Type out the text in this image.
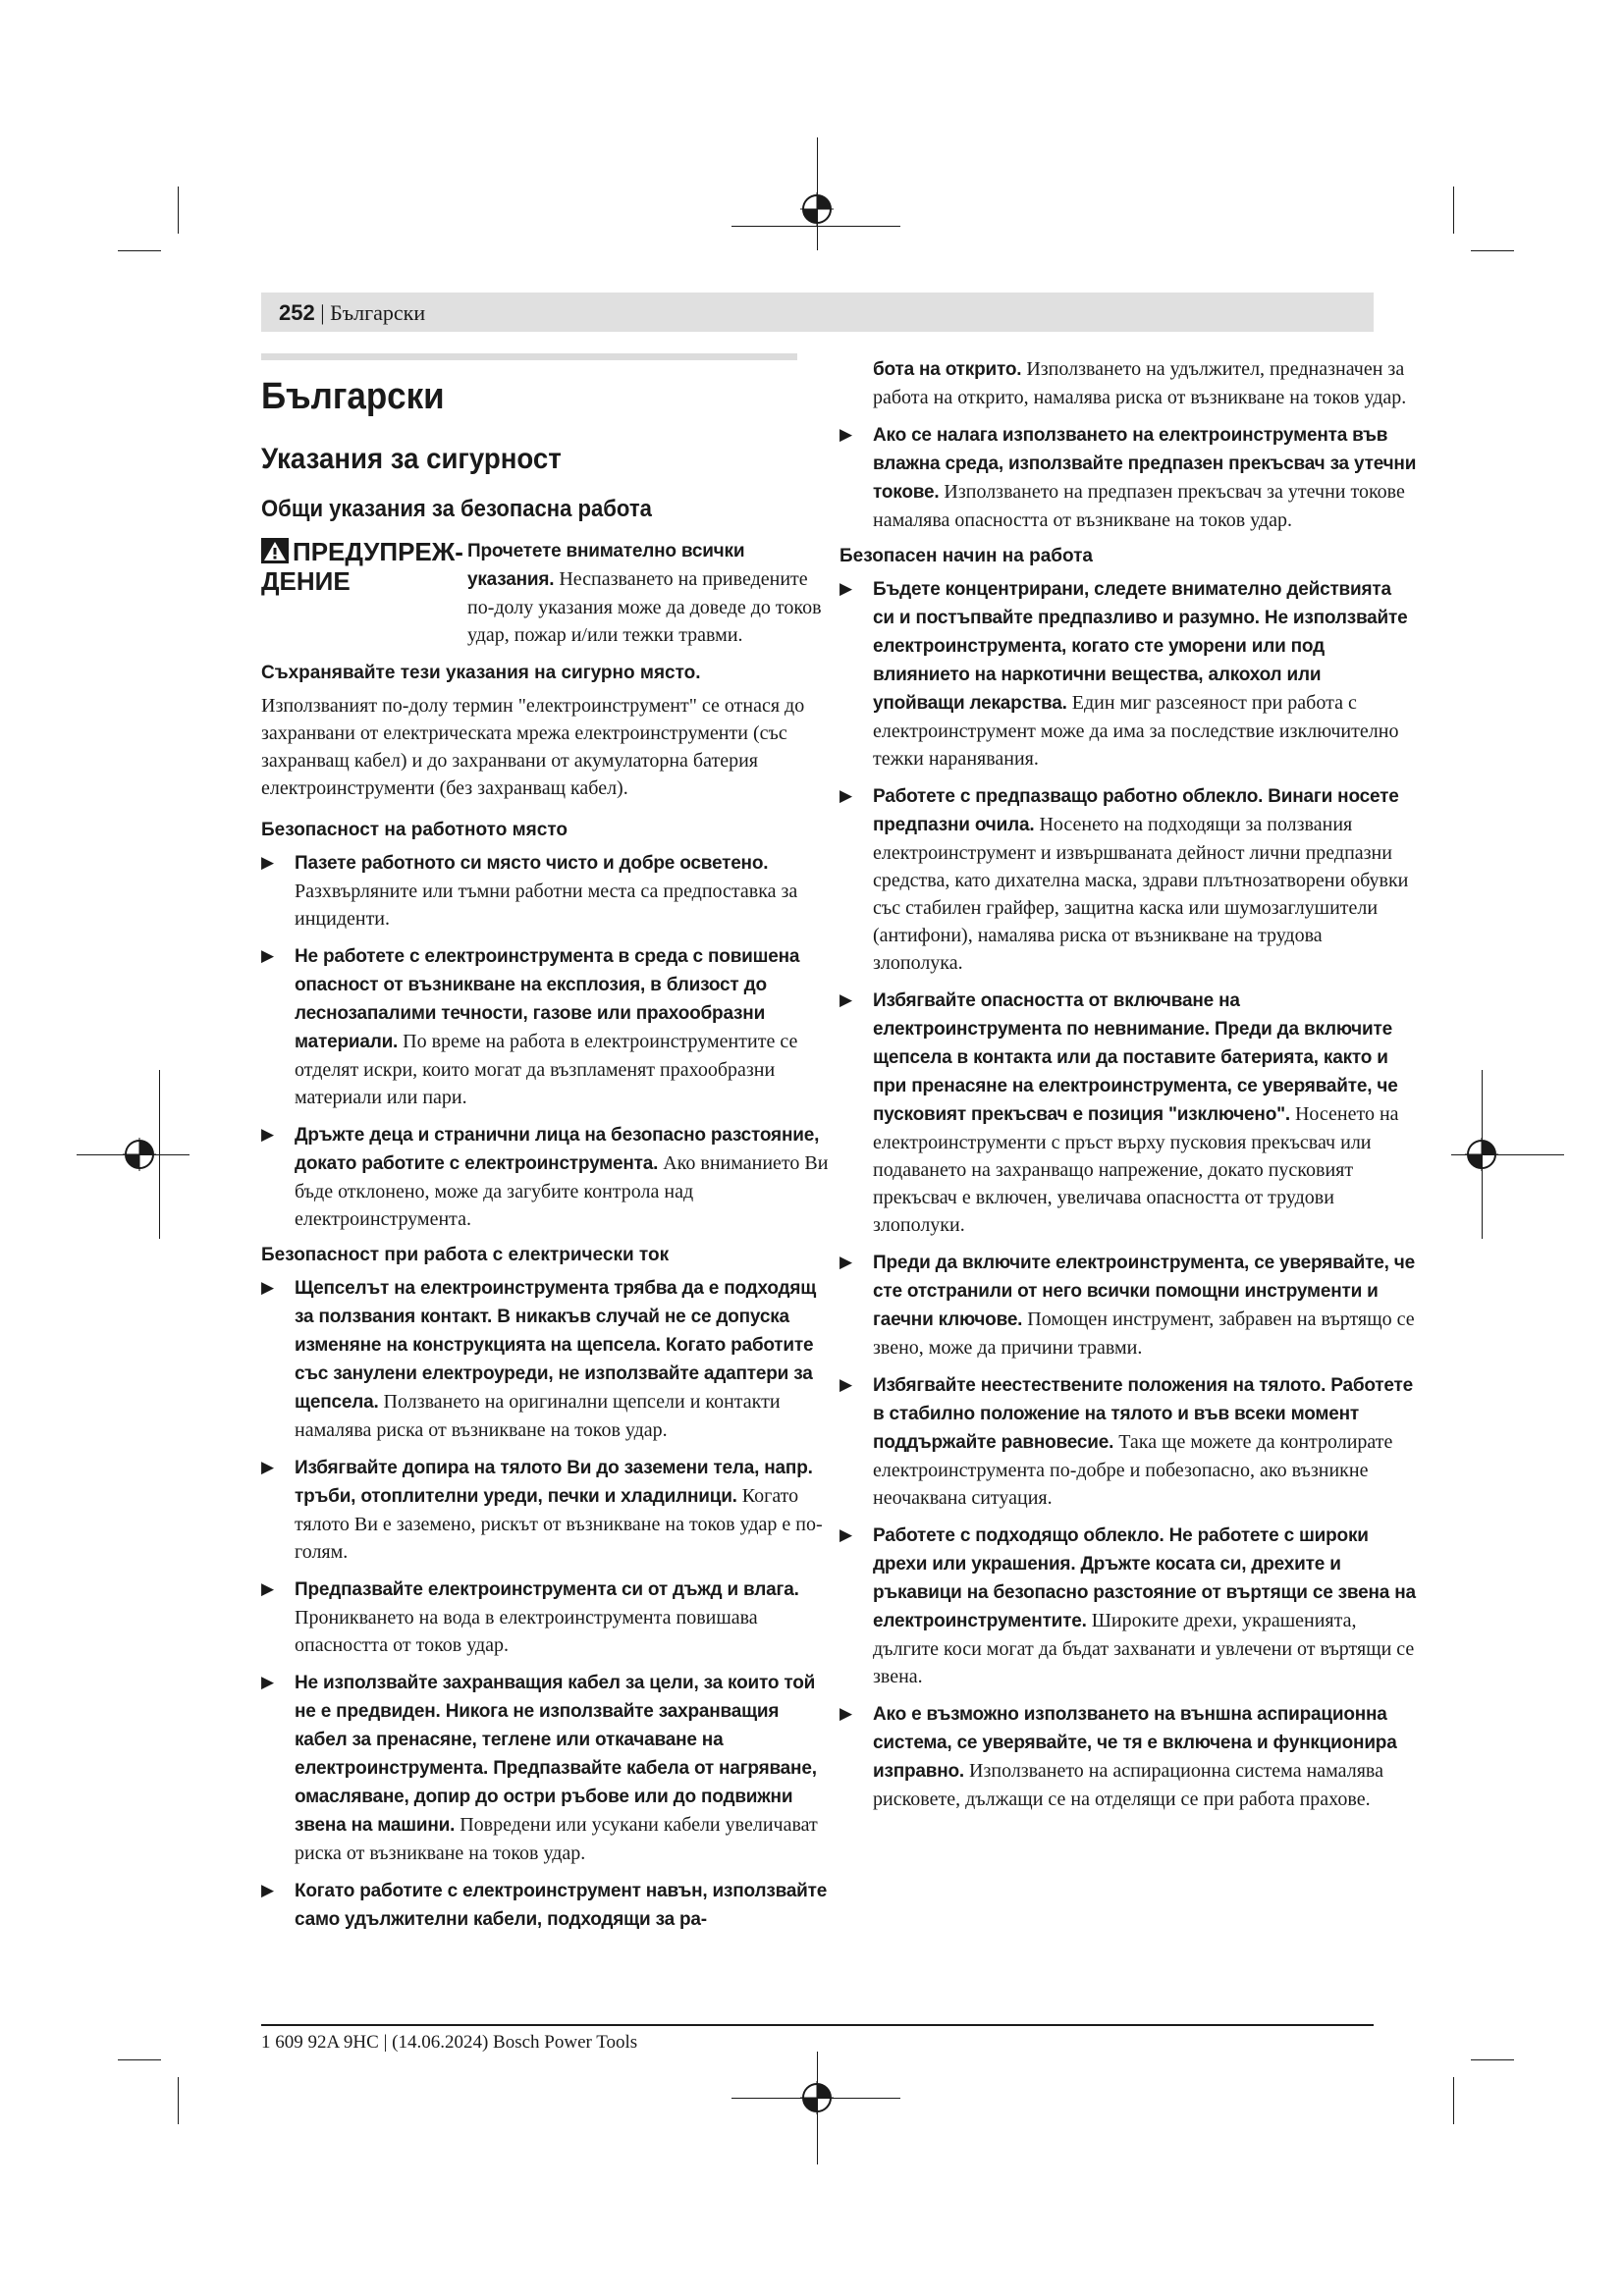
252 | Български
Български
Указания за сигурност
Общи указания за безопасна работа
ПРЕДУПРЕЖ-
ДЕНИЕ
Прочетете внимателно всички указания. Неспазването на приведените по-долу указания може да доведе до токов удар, пожар и/или тежки травми.
Съхранявайте тези указания на сигурно място.

Използваният по-долу термин "електроинструмент" се отнася до захранвани от електрическата мрежа електроинструменти (със захранващ кабел) и до захранвани от акумулаторна батерия електроинструменти (без захранващ кабел).

Безопасност на работното място
▶	Пазете работното си място чисто и добре осветено. Разхвърляните или тъмни работни места са предпоставка за инциденти.
▶	Не работете с електроинструмента в среда с повишена опасност от възникване на експлозия, в близост до леснозапалими течности, газове или прахообразни материали. По време на работа в електроинструментите се отделят искри, които могат да възпламенят прахообразни материали или пари.
▶	Дръжте деца и странични лица на безопасно разстояние, докато работите с електроинструмента. Ако вниманието Ви бъде отклонено, може да загубите контрола над електроинструмента.
Безопасност при работа с електрически ток
▶	Щепселът на електроинструмента трябва да е подходящ за ползвания контакт. В никакъв случай не се допуска изменяне на конструкцията на щепсела. Когато работите със занулени електроуреди, не използвайте адаптери за щепсела. Ползването на оригинални щепсели и контакти намалява риска от възникване на токов удар.
▶	Избягвайте допира на тялото Ви до заземени тела, напр. тръби, отоплителни уреди, печки и хладилници. Когато тялото Ви е заземено, рискът от възникване на токов удар е по-голям.
▶	Предпазвайте електроинструмента си от дъжд и влага. Проникването на вода в електроинструмента повишава опасността от токов удар.
▶	Не използвайте захранващия кабел за цели, за които той не е предвиден. Никога не използвайте захранващия кабел за пренасяне, теглене или откачаване на електроинструмента. Предпазвайте кабела от нагряване, омасляване, допир до остри ръбове или до подвижни звена на машини. Повредени или усукани кабели увеличават риска от възникване на токов удар.
▶	Когато работите с електроинструмент навън, използвайте само удължителни кабели, подходящи за ра-
бота на открито. Използването на удължител, предназначен за работа на открито, намалява риска от възникване на токов удар.
▶	Ако се налага използването на електроинструмента във влажна среда, използвайте предпазен прекъсвач за утечни токове. Използването на предпазен прекъсвач за утечни токове намалява опасността от възникване на токов удар.
Безопасен начин на работа
▶	Бъдете концентрирани, следете внимателно действията си и постъпвайте предпазливо и разумно. Не използвайте електроинструмента, когато сте уморени или под влиянието на наркотични вещества, алкохол или упойващи лекарства. Един миг разсеяност при работа с електроинструмент може да има за последствие изключително тежки наранявания.
▶	Работете с предпазващо работно облекло. Винаги носете предпазни очила. Носенето на подходящи за ползвания електроинструмент и извършваната дейност лични предпазни средства, като дихателна маска, здрави плътнозатворени обувки със стабилен грайфер, защитна каска или шумозаглушители (антифони), намалява риска от възникване на трудова злополука.
▶	Избягвайте опасността от включване на електроинструмента по невнимание. Преди да включите щепсела в контакта или да поставите батерията, както и при пренасяне на електроинструмента, се уверявайте, че пусковият прекъсвач е позиция "изключено". Носенето на електроинструменти с пръст върху пусковия прекъсвач или подаването на захранващо напрежение, докато пусковият прекъсвач е включен, увеличава опасността от трудови злополуки.
▶	Преди да включите електроинструмента, се уверявайте, че сте отстранили от него всички помощни инструменти и гаечни ключове. Помощен инструмент, забравен на въртящо се звено, може да причини травми.
▶	Избягвайте неестествените положения на тялото. Работете в стабилно положение на тялото и във всеки момент поддържайте равновесие. Така ще можете да контролирате електроинструмента по-добре и побезопасно, ако възникне неочаквана ситуация.
▶	Работете с подходящо облекло. Не работете с широки дрехи или украшения. Дръжте косата си, дрехите и ръкавици на безопасно разстояние от въртящи се звена на електроинструментите. Широките дрехи, украшенията, дългите коси могат да бъдат захванати и увлечени от въртящи се звена.
▶	Ако е възможно използването на външна аспирационна система, се уверявайте, че тя е включена и функционира изправно. Използването на аспирационна система намалява рисковете, дължащи се на отделящи се при работа прахове.
1 609 92A 9HC | (14.06.2024) Bosch Power Tools
